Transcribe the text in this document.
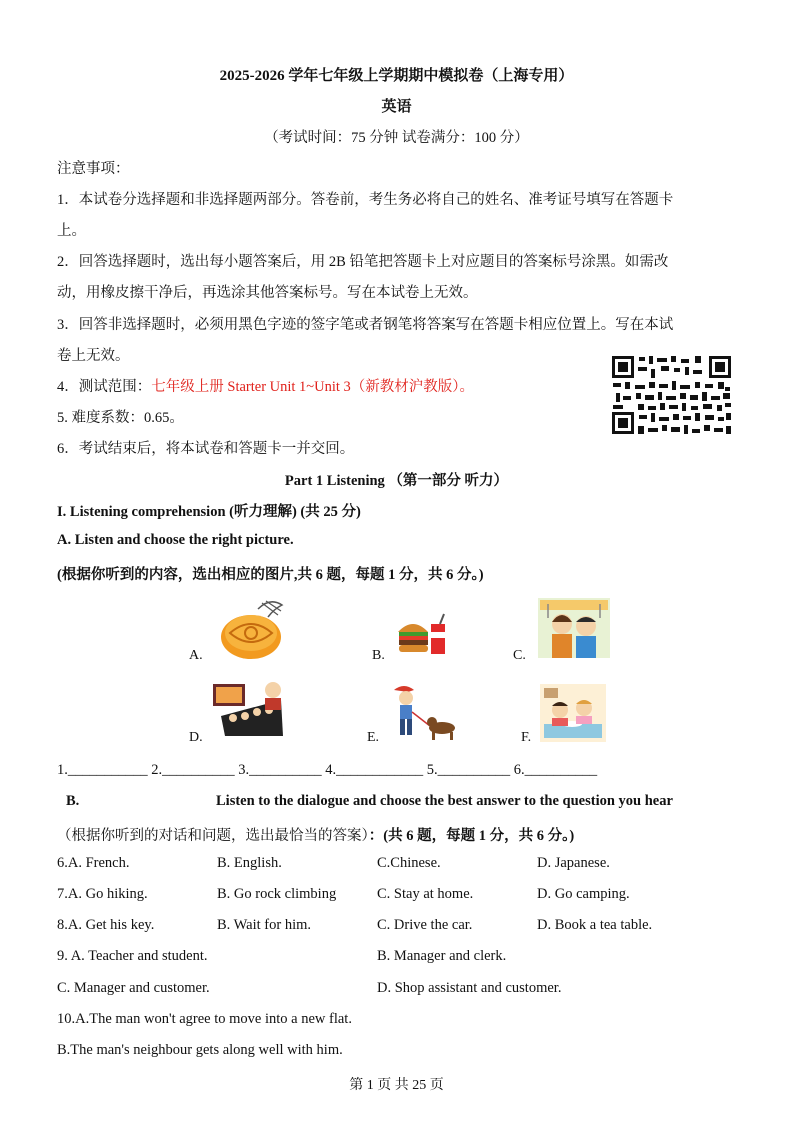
2025-2026 学年七年级上学期期中模拟卷（上海专用）
英语
（考试时间：75 分钟 试卷满分：100 分）
注意事项：
1．本试卷分选择题和非选择题两部分。答卷前，考生务必将自己的姓名、准考证号填写在答题卡
上。
2．回答选择题时，选出每小题答案后，用 2B 铅笔把答题卡上对应题目的答案标号涂黑。如需改
动，用橡皮擦干净后，再选涂其他答案标号。写在本试卷上无效。
3．回答非选择题时，必须用黑色字迹的签字笔或者钢笔将答案写在答题卡相应位置上。写在本试
卷上无效。
4．测试范围：七年级上册 Starter Unit 1~Unit 3（新教材沪教版）。
5. 难度系数：0.65。
6．考试结束后，将本试卷和答题卡一并交回。
Part 1 Listening （第一部分 听力）
I. Listening comprehension (听力理解) (共 25 分)
A. Listen and choose the right picture.
(根据你听到的内容，选出相应的图片,共 6 题，每题 1 分，共 6 分。)
A.	B.	C.
D.	E.	F.
1.___________ 2.__________ 3.__________ 4.____________ 5.__________ 6.__________
B.	Listen to the dialogue and choose the best answer to the question you hear
（根据你听到的对话和问题，选出最恰当的答案）：(共 6 题，每题 1 分，共 6 分。)
6.A. French.	B. English.	C.Chinese.	D. Japanese.
7.A. Go hiking.	B. Go rock climbing	C. Stay at home.	D. Go camping.
8.A. Get his key.	B. Wait for him.	C. Drive the car.	D. Book a tea table.
9. A. Teacher and student.	B. Manager and clerk.
C. Manager and customer.	D. Shop assistant and customer.
10.A.The man won't agree to move into a new flat.
B.The man's neighbour gets along well with him.
第 1 页 共 25 页
